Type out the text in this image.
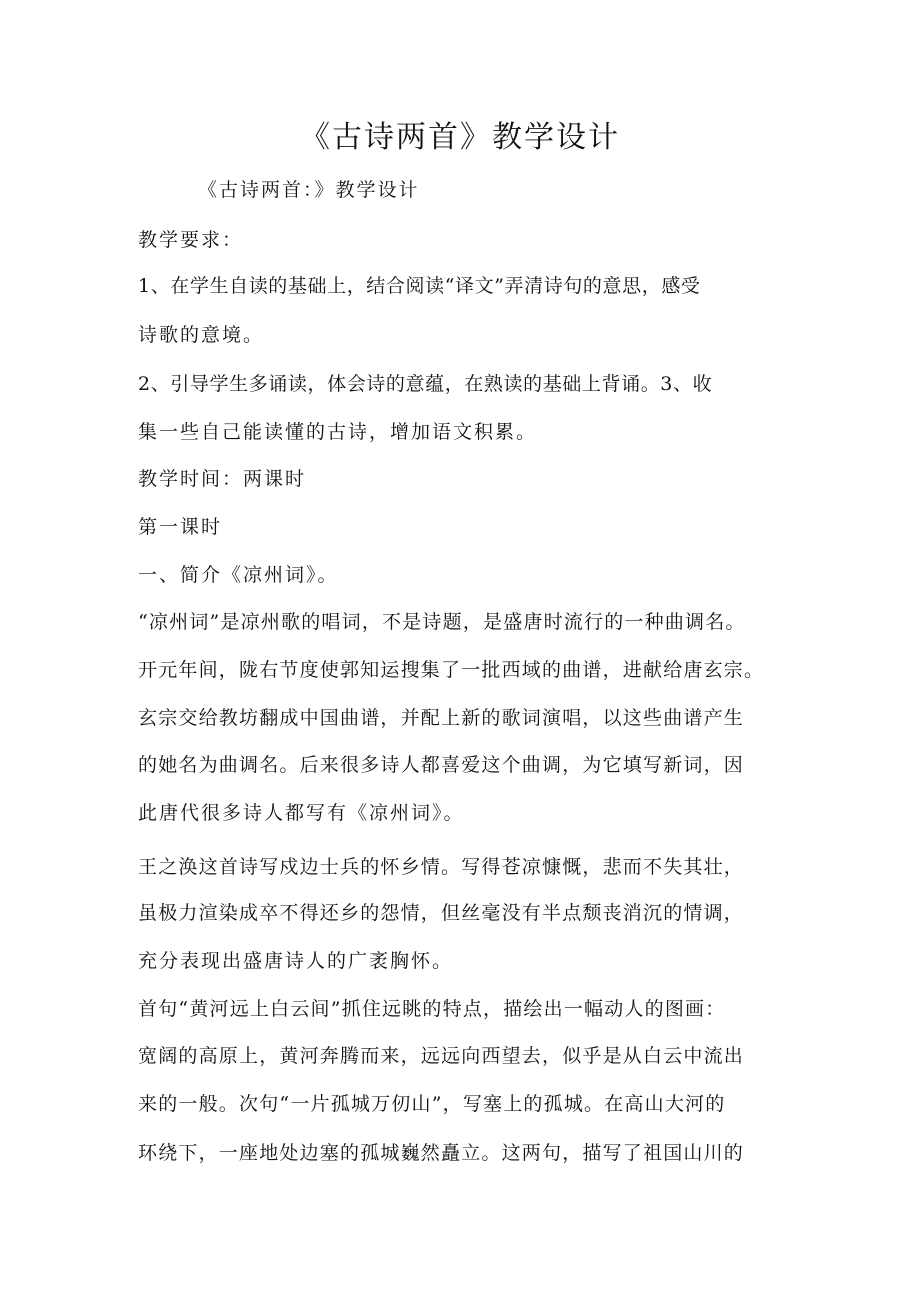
《古诗两首》教学设计
《古诗两首：》教学设计
教学要求：
1、在学生自读的基础上，结合阅读“译文”弄清诗句的意思，感受
诗歌的意境。
2、引导学生多诵读，体会诗的意蕴，在熟读的基础上背诵。3、收
集一些自己能读懂的古诗，增加语文积累。
教学时间：两课时
第一课时
一、简介《凉州词》。
“凉州词”是凉州歌的唱词，不是诗题，是盛唐时流行的一种曲调名。
开元年间，陇右节度使郭知运搜集了一批西域的曲谱，进献给唐玄宗。
玄宗交给教坊翻成中国曲谱，并配上新的歌词演唱，以这些曲谱产生
的她名为曲调名。后来很多诗人都喜爱这个曲调，为它填写新词，因
此唐代很多诗人都写有《凉州词》。
王之涣这首诗写戍边士兵的怀乡情。写得苍凉慷慨，悲而不失其壮，
虽极力渲染成卒不得还乡的怨情，但丝毫没有半点颓丧消沉的情调，
充分表现出盛唐诗人的广袤胸怀。
首句“黄河远上白云间”抓住远眺的特点，描绘出一幅动人的图画：
宽阔的高原上，黄河奔腾而来，远远向西望去，似乎是从白云中流出
来的一般。次句“一片孤城万仞山”，写塞上的孤城。在高山大河的
环绕下，一座地处边塞的孤城巍然矗立。这两句，描写了祖国山川的
